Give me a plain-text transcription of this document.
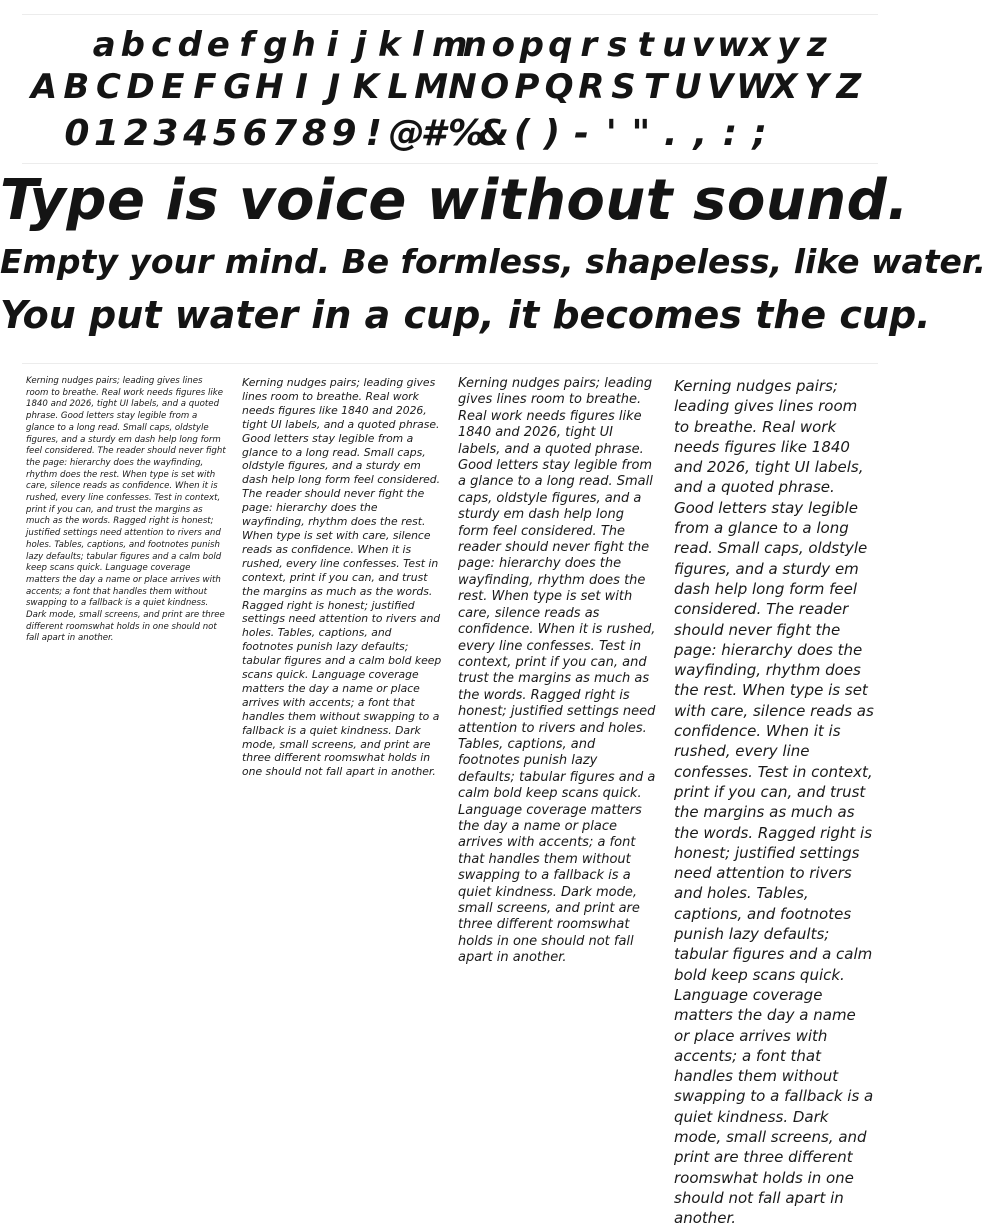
a b c d e f g h i j k l mn o p q r s t u vwx y z
A B C D E F G H I J K L MN O P Q R S T U VWX Y Z
0 1 2 3 4 5 6 7 8 9 ! @#%& ( ) - ' " . , : ;
Type is voice without sound.
Empty your mind. Be formless, shapeless, like water.
You put water in a cup, it becomes the cup.
Kerning nudges pairs; leading gives lines room to breathe. Real work needs figures like 1840 and 2026, tight UI labels, and a quoted phrase. Good letters stay legible from a glance to a long read. Small caps, oldstyle figures, and a sturdy em dash help long form feel considered. The reader should never fight the page: hierarchy does the wayfinding, rhythm does the rest. When type is set with care, silence reads as confidence. When it is rushed, every line confesses. Test in context, print if you can, and trust the margins as much as the words. Ragged right is honest; justified settings need attention to rivers and holes. Tables, captions, and footnotes punish lazy defaults; tabular figures and a calm bold keep scans quick. Language coverage matters the day a name or place arrives with accents; a font that handles them without swapping to a fallback is a quiet kindness. Dark mode, small screens, and print are three different roomswhat holds in one should not fall apart in another.
Kerning nudges pairs; leading gives lines room to breathe. Real work needs figures like 1840 and 2026, tight UI labels, and a quoted phrase. Good letters stay legible from a glance to a long read. Small caps, oldstyle figures, and a sturdy em dash help long form feel considered. The reader should never fight the page: hierarchy does the wayfinding, rhythm does the rest. When type is set with care, silence reads as confidence. When it is rushed, every line confesses. Test in context, print if you can, and trust the margins as much as the words. Ragged right is honest; justified settings need attention to rivers and holes. Tables, captions, and footnotes punish lazy defaults; tabular figures and a calm bold keep scans quick. Language coverage matters the day a name or place arrives with accents; a font that handles them without swapping to a fallback is a quiet kindness. Dark mode, small screens, and print are three different roomswhat holds in one should not fall apart in another.
Kerning nudges pairs; leading gives lines room to breathe. Real work needs figures like 1840 and 2026, tight UI labels, and a quoted phrase. Good letters stay legible from a glance to a long read. Small caps, oldstyle figures, and a sturdy em dash help long form feel considered. The reader should never fight the page: hierarchy does the wayfinding, rhythm does the rest. When type is set with care, silence reads as confidence. When it is rushed, every line confesses. Test in context, print if you can, and trust the margins as much as the words. Ragged right is honest; justified settings need attention to rivers and holes. Tables, captions, and footnotes punish lazy defaults; tabular figures and a calm bold keep scans quick. Language coverage matters the day a name or place arrives with accents; a font that handles them without swapping to a fallback is a quiet kindness. Dark mode, small screens, and print are three different roomswhat holds in one should not fall apart in another.
Kerning nudges pairs; leading gives lines room to breathe. Real work needs figures like 1840 and 2026, tight UI labels, and a quoted phrase. Good letters stay legible from a glance to a long read. Small caps, oldstyle figures, and a sturdy em dash help long form feel considered. The reader should never fight the page: hierarchy does the wayfinding, rhythm does the rest. When type is set with care, silence reads as confidence. When it is rushed, every line confesses. Test in context, print if you can, and trust the margins as much as the words. Ragged right is honest; justified settings need attention to rivers and holes. Tables, captions, and footnotes punish lazy defaults; tabular figures and a calm bold keep scans quick. Language coverage matters the day a name or place arrives with accents; a font that handles them without swapping to a fallback is a quiet kindness. Dark mode, small screens, and print are three different roomswhat holds in one should not fall apart in another.
